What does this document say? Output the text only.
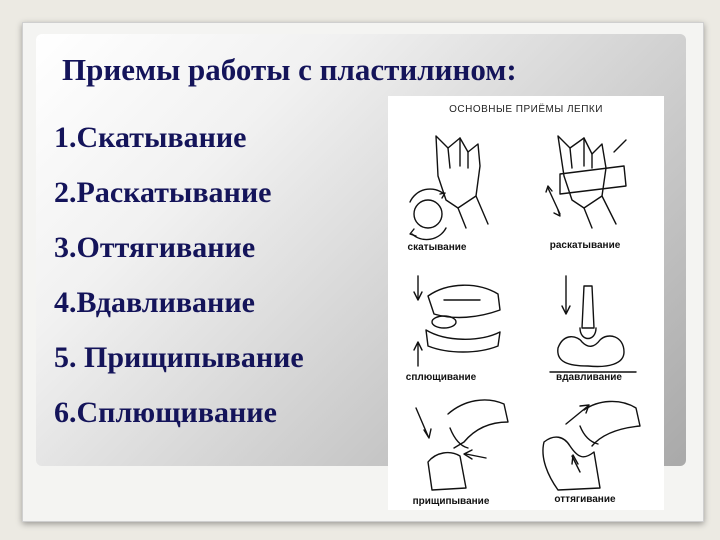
Приемы работы с пластилином:
1.Скатывание
2.Раскатывание
3.Оттягивание
4.Вдавливание
5. Прищипывание
6.Сплющивание
ОСНОВНЫЕ ПРИЁМЫ ЛЕПКИ
скатывание	раскатывание
сплющивание	вдавливание
прищипывание	оттягивание
